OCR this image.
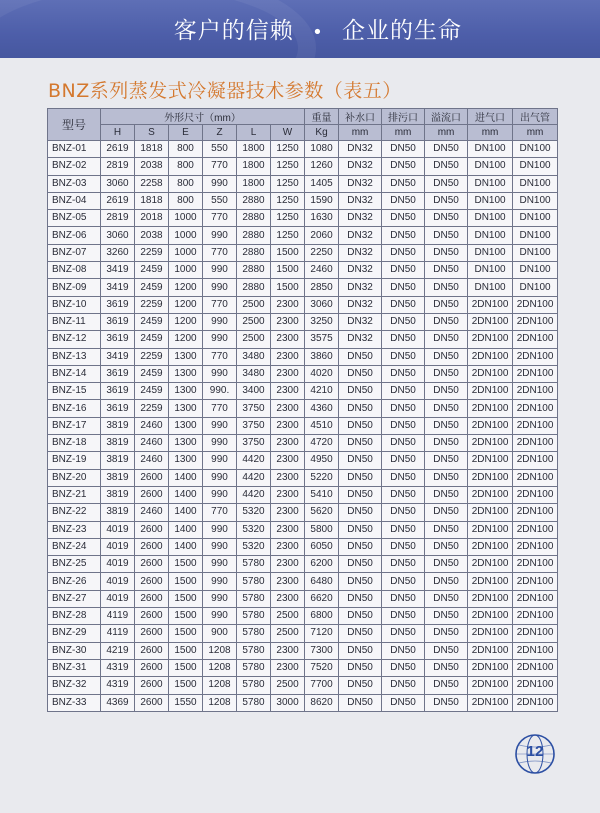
客户的信赖 • 企业的生命
BNZ系列蒸发式冷凝器技术参数（表五）
型号	外形尺寸（mm）						重量	补水口	排污口	溢流口	进气口	出气管
	H	S	E	Z	L	W	Kg	mm	mm	mm	mm	mm
BNZ-01	2619	1818	800	550	1800	1250	1080	DN32	DN50	DN50	DN100	DN100
BNZ-02	2819	2038	800	770	1800	1250	1260	DN32	DN50	DN50	DN100	DN100
BNZ-03	3060	2258	800	990	1800	1250	1405	DN32	DN50	DN50	DN100	DN100
BNZ-04	2619	1818	800	550	2880	1250	1590	DN32	DN50	DN50	DN100	DN100
BNZ-05	2819	2018	1000	770	2880	1250	1630	DN32	DN50	DN50	DN100	DN100
BNZ-06	3060	2038	1000	990	2880	1250	2060	DN32	DN50	DN50	DN100	DN100
BNZ-07	3260	2259	1000	770	2880	1500	2250	DN32	DN50	DN50	DN100	DN100
BNZ-08	3419	2459	1000	990	2880	1500	2460	DN32	DN50	DN50	DN100	DN100
BNZ-09	3419	2459	1200	990	2880	1500	2850	DN32	DN50	DN50	DN100	DN100
BNZ-10	3619	2259	1200	770	2500	2300	3060	DN32	DN50	DN50	2DN100	2DN100
BNZ-11	3619	2459	1200	990	2500	2300	3250	DN32	DN50	DN50	2DN100	2DN100
BNZ-12	3619	2459	1200	990	2500	2300	3575	DN32	DN50	DN50	2DN100	2DN100
BNZ-13	3419	2259	1300	770	3480	2300	3860	DN50	DN50	DN50	2DN100	2DN100
BNZ-14	3619	2459	1300	990	3480	2300	4020	DN50	DN50	DN50	2DN100	2DN100
BNZ-15	3619	2459	1300	990.	3400	2300	4210	DN50	DN50	DN50	2DN100	2DN100
BNZ-16	3619	2259	1300	770	3750	2300	4360	DN50	DN50	DN50	2DN100	2DN100
BNZ-17	3819	2460	1300	990	3750	2300	4510	DN50	DN50	DN50	2DN100	2DN100
BNZ-18	3819	2460	1300	990	3750	2300	4720	DN50	DN50	DN50	2DN100	2DN100
BNZ-19	3819	2460	1300	990	4420	2300	4950	DN50	DN50	DN50	2DN100	2DN100
BNZ-20	3819	2600	1400	990	4420	2300	5220	DN50	DN50	DN50	2DN100	2DN100
BNZ-21	3819	2600	1400	990	4420	2300	5410	DN50	DN50	DN50	2DN100	2DN100
BNZ-22	3819	2460	1400	770	5320	2300	5620	DN50	DN50	DN50	2DN100	2DN100
BNZ-23	4019	2600	1400	990	5320	2300	5800	DN50	DN50	DN50	2DN100	2DN100
BNZ-24	4019	2600	1400	990	5320	2300	6050	DN50	DN50	DN50	2DN100	2DN100
BNZ-25	4019	2600	1500	990	5780	2300	6200	DN50	DN50	DN50	2DN100	2DN100
BNZ-26	4019	2600	1500	990	5780	2300	6480	DN50	DN50	DN50	2DN100	2DN100
BNZ-27	4019	2600	1500	990	5780	2300	6620	DN50	DN50	DN50	2DN100	2DN100
BNZ-28	4119	2600	1500	990	5780	2500	6800	DN50	DN50	DN50	2DN100	2DN100
BNZ-29	4119	2600	1500	900	5780	2500	7120	DN50	DN50	DN50	2DN100	2DN100
BNZ-30	4219	2600	1500	1208	5780	2300	7300	DN50	DN50	DN50	2DN100	2DN100
BNZ-31	4319	2600	1500	1208	5780	2300	7520	DN50	DN50	DN50	2DN100	2DN100
BNZ-32	4319	2600	1500	1208	5780	2500	7700	DN50	DN50	DN50	2DN100	2DN100
BNZ-33	4369	2600	1550	1208	5780	3000	8620	DN50	DN50	DN50	2DN100	2DN100
12
